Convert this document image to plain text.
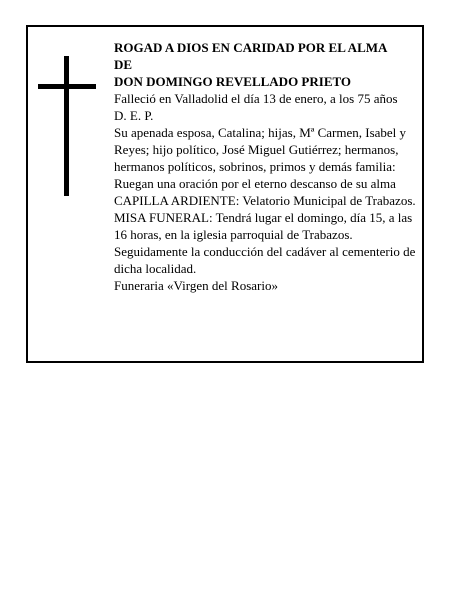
ROGAD A DIOS EN CARIDAD POR EL ALMA

DE

DON DOMINGO REVELLADO PRIETO

Falleció en Valladolid el día 13 de enero, a los 75 años

D. E. P.

Su apenada esposa, Catalina; hijas, Mª Carmen, Isabel y Reyes; hijo político, José Miguel Gutiérrez; hermanos, hermanos políticos, sobrinos, primos y demás familia:

Ruegan una oración por el eterno descanso de su alma

CAPILLA ARDIENTE: Velatorio Municipal de Trabazos.

MISA FUNERAL: Tendrá lugar el domingo, día 15, a las 16 horas, en la iglesia parroquial de Trabazos.

Seguidamente la conducción del cadáver al cementerio de dicha localidad.

Funeraria «Virgen del Rosario»
